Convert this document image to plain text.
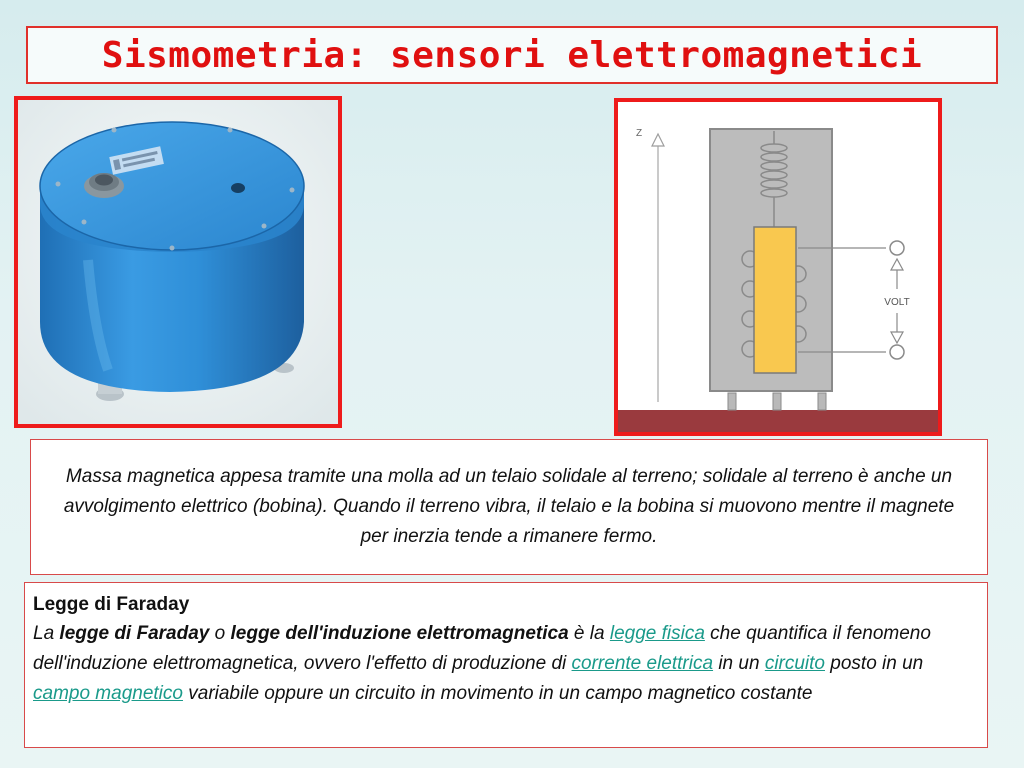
Sismometria: sensori elettromagnetici
Z
VOLT

Massa magnetica appesa tramite una molla ad un telaio solidale al terreno; solidale al terreno è anche un avvolgimento elettrico (bobina). Quando il terreno vibra, il telaio e la bobina si muovono mentre il magnete per inerzia tende a rimanere fermo.

Legge di Faraday
La legge di Faraday o legge dell'induzione elettromagnetica è la legge fisica che quantifica il fenomeno dell'induzione elettromagnetica, ovvero l'effetto di produzione di corrente elettrica in un circuito posto in un campo magnetico variabile oppure un circuito in movimento in un campo magnetico costante
